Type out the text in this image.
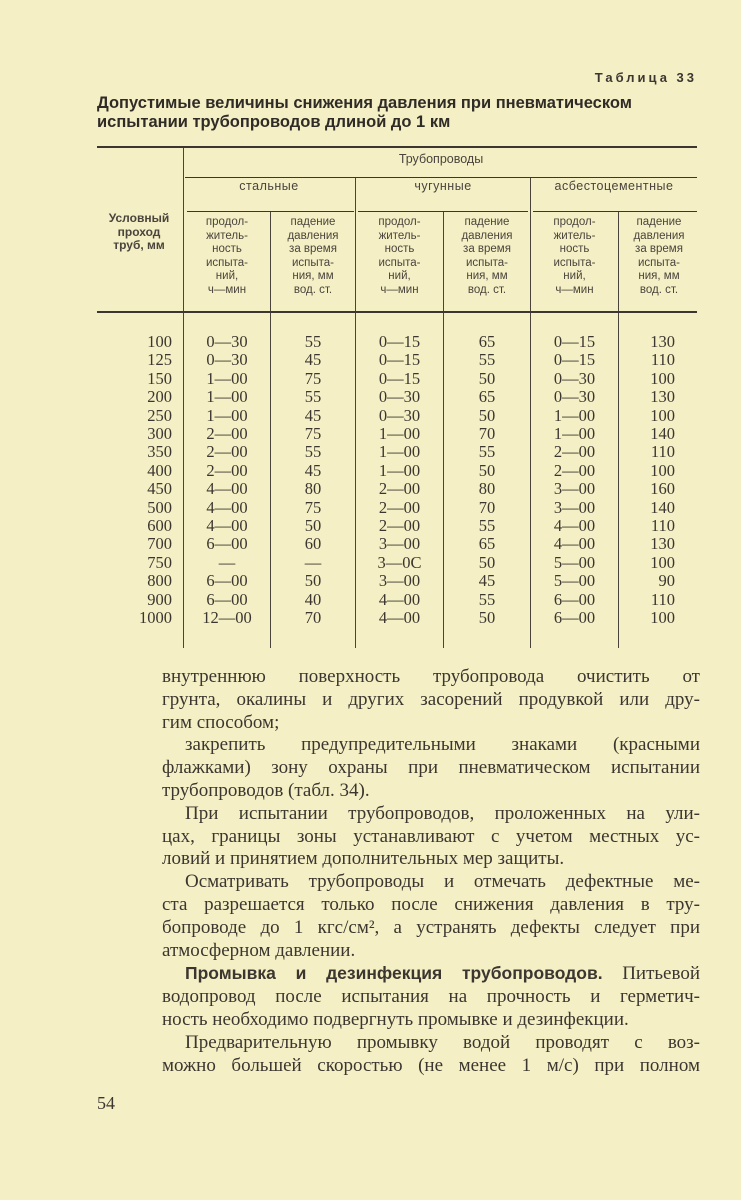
Таблица 33
Допустимые величины снижения давления при пневматическом
испытании трубопроводов длиной до 1 км
Условный
проход
труб, мм
Трубопроводы
стальные	чугунные	асбестоцементные
продол-
житель-
ность
испыта-
ний,
ч—мин
падение
давления
за время
испыта-
ния, мм
вод. ст.
продол-
житель-
ность
испыта-
ний,
ч—мин
падение
давления
за время
испыта-
ния, мм
вод. ст.
продол-
житель-
ность
испыта-
ний,
ч—мин
падение
давления
за время
испыта-
ния, мм
вод. ст.
100	0—30	55	0—15	65	0—15	130
125	0—30	45	0—15	55	0—15	110
150	1—00	75	0—15	50	0—30	100
200	1—00	55	0—30	65	0—30	130
250	1—00	45	0—30	50	1—00	100
300	2—00	75	1—00	70	1—00	140
350	2—00	55	1—00	55	2—00	110
400	2—00	45	1—00	50	2—00	100
450	4—00	80	2—00	80	3—00	160
500	4—00	75	2—00	70	3—00	140
600	4—00	50	2—00	55	4—00	110
700	6—00	60	3—00	65	4—00	130
750	—	—	3—0С	50	5—00	100
800	6—00	50	3—00	45	5—00	90
900	6—00	40	4—00	55	6—00	110
1000	12—00	70	4—00	50	6—00	100
внутреннюю поверхность трубопровода очистить от
грунта, окалины и других засорений продувкой или дру-
гим способом;
закрепить предупредительными знаками (красными
флажками) зону охраны при пневматическом испытании
трубопроводов (табл. 34).
При испытании трубопроводов, проложенных на ули-
цах, границы зоны устанавливают с учетом местных ус-
ловий и принятием дополнительных мер защиты.
Осматривать трубопроводы и отмечать дефектные ме-
ста разрешается только после снижения давления в тру-
бопроводе до 1 кгс/см², а устранять дефекты следует при
атмосферном давлении.
Промывка и дезинфекция трубопроводов. Питьевой
водопровод после испытания на прочность и герметич-
ность необходимо подвергнуть промывке и дезинфекции.
Предварительную промывку водой проводят с воз-
можно большей скоростью (не менее 1 м/с) при полном
54
